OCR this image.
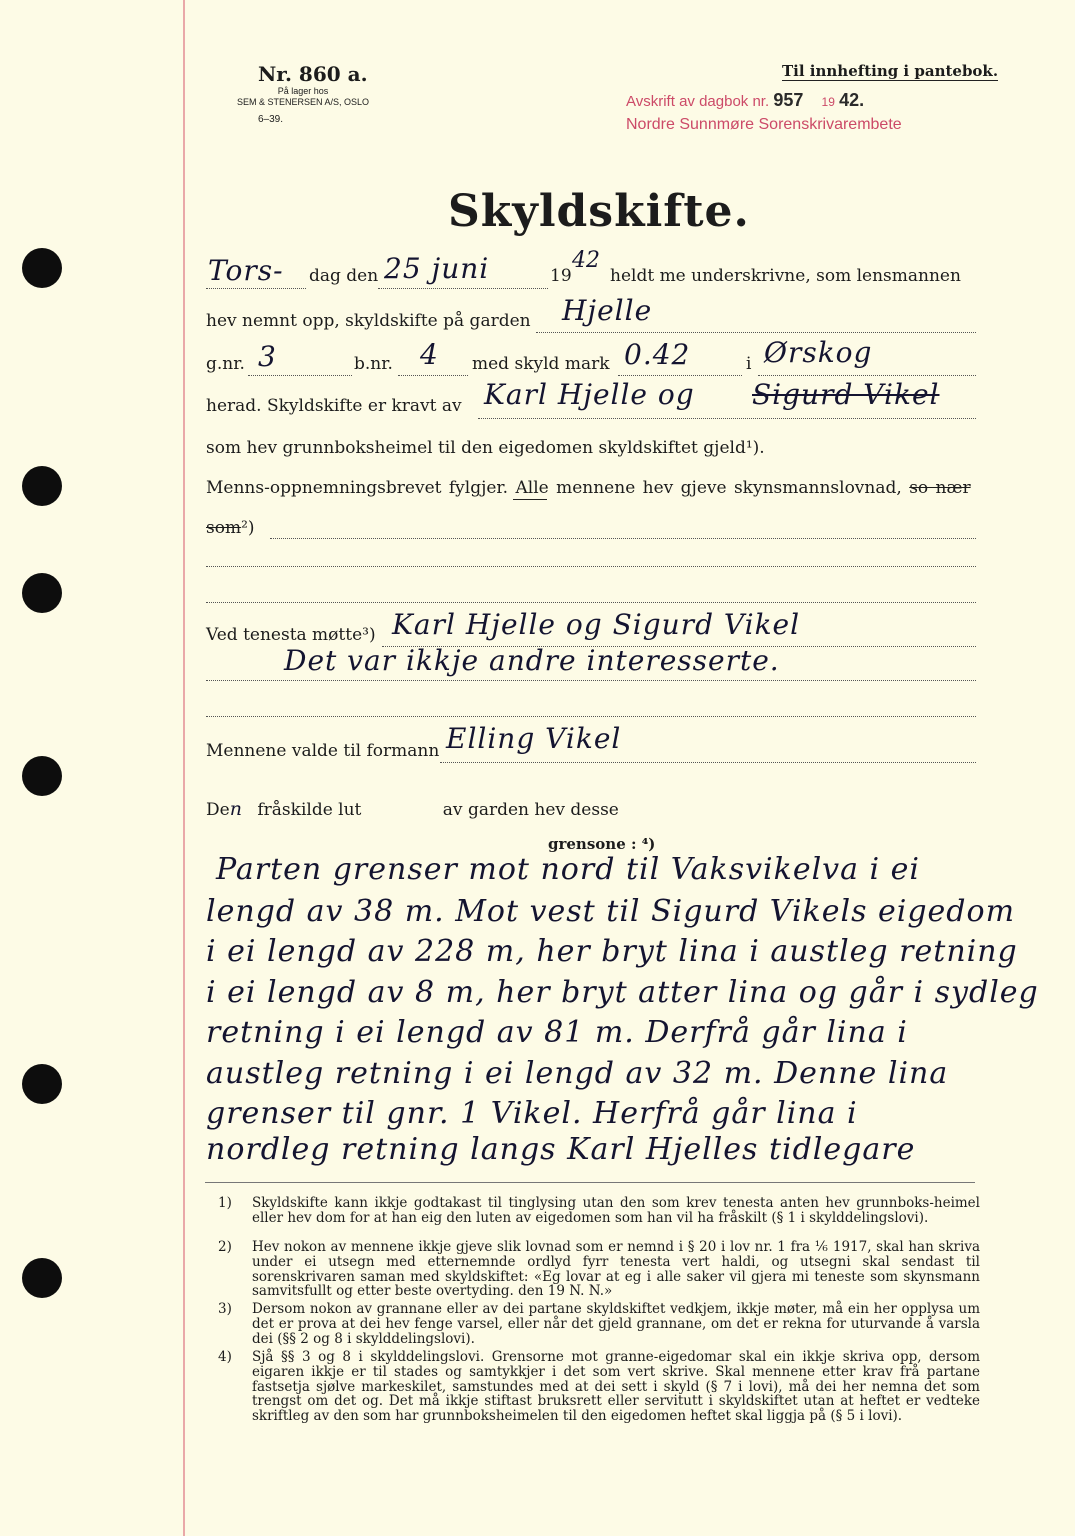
Nr. 860 a.
På lager hos
SEM & STENERSEN A/S, OSLO
6–39.
Til innhefting i pantebok.
Avskrift av dagbok nr. 957 19 42.
Nordre Sunnmøre Sorenskrivarembete
Skyldskifte.
Tors- dag den 25 juni	19
42
heldt me underskrivne, som lensmannen
hev nemnt opp, skyldskifte på garden Hjelle
g.nr. 3	b.nr. 4 med skyld mark 0.42	i Ørskog
herad. Skyldskifte er kravt av Karl Hjelle og Sigurd Vikel
som hev grunnboksheimel til den eigedomen skyldskiftet gjeld¹).
Menns-oppnemningsbrevet fylgjer. Alle mennene hev gjeve skynsmannslovnad, so nær
som²)
Ved tenesta møtte³) Karl Hjelle og Sigurd Vikel
Det var ikkje andre interesserte.
Mennene valde til formann Elling Vikel
Den fråskilde lut	av garden hev desse
grensone : ⁴)
Parten grenser mot nord til Vaksvikelva i ei
lengd av 38 m. Mot vest til Sigurd Vikels eigedom
i ei lengd av 228 m, her bryt lina i austleg retning
i ei lengd av 8 m, her bryt atter lina og går i sydleg
retning i ei lengd av 81 m. Derfrå går lina i
austleg retning i ei lengd av 32 m. Denne lina
grenser til gnr. 1 Vikel. Herfrå går lina i
nordleg retning langs Karl Hjelles tidlegare
1) Skyldskifte kann ikkje godtakast til tinglysing utan den som krev tenesta anten hev grunnboks-heimel eller hev dom for at han eig den luten av eigedomen som han vil ha fråskilt (§ 1 i skylddelingslovi).
2) Hev nokon av mennene ikkje gjeve slik lovnad som er nemnd i § 20 i lov nr. 1 fra ⅙ 1917, skal han skriva under ei utsegn med etternemnde ordlyd fyrr tenesta vert haldi, og utsegni skal sendast til sorenskrivaren saman med skyldskiftet: «Eg lovar at eg i alle saker vil gjera mi teneste som skynsmann samvitsfullt og etter beste overtyding. den 19 N. N.»
3) Dersom nokon av grannane eller av dei partane skyldskiftet vedkjem, ikkje møter, må ein her opplysa um det er prova at dei hev fenge varsel, eller når det gjeld grannane, om det er rekna for uturvande å varsla dei (§§ 2 og 8 i skylddelingslovi).
4) Sjå §§ 3 og 8 i skylddelingslovi. Grensorne mot granne-eigedomar skal ein ikkje skriva opp, dersom eigaren ikkje er til stades og samtykkjer i det som vert skrive. Skal mennene etter krav frå partane fastsetja sjølve markeskilet, samstundes med at dei sett i skyld (§ 7 i lovi), må dei her nemna det som trengst om det og. Det må ikkje stiftast bruksrett eller servitutt i skyldskiftet utan at heftet er vedteke skriftleg av den som har grunnboksheimelen til den eigedomen heftet skal liggja på (§ 5 i lovi).
